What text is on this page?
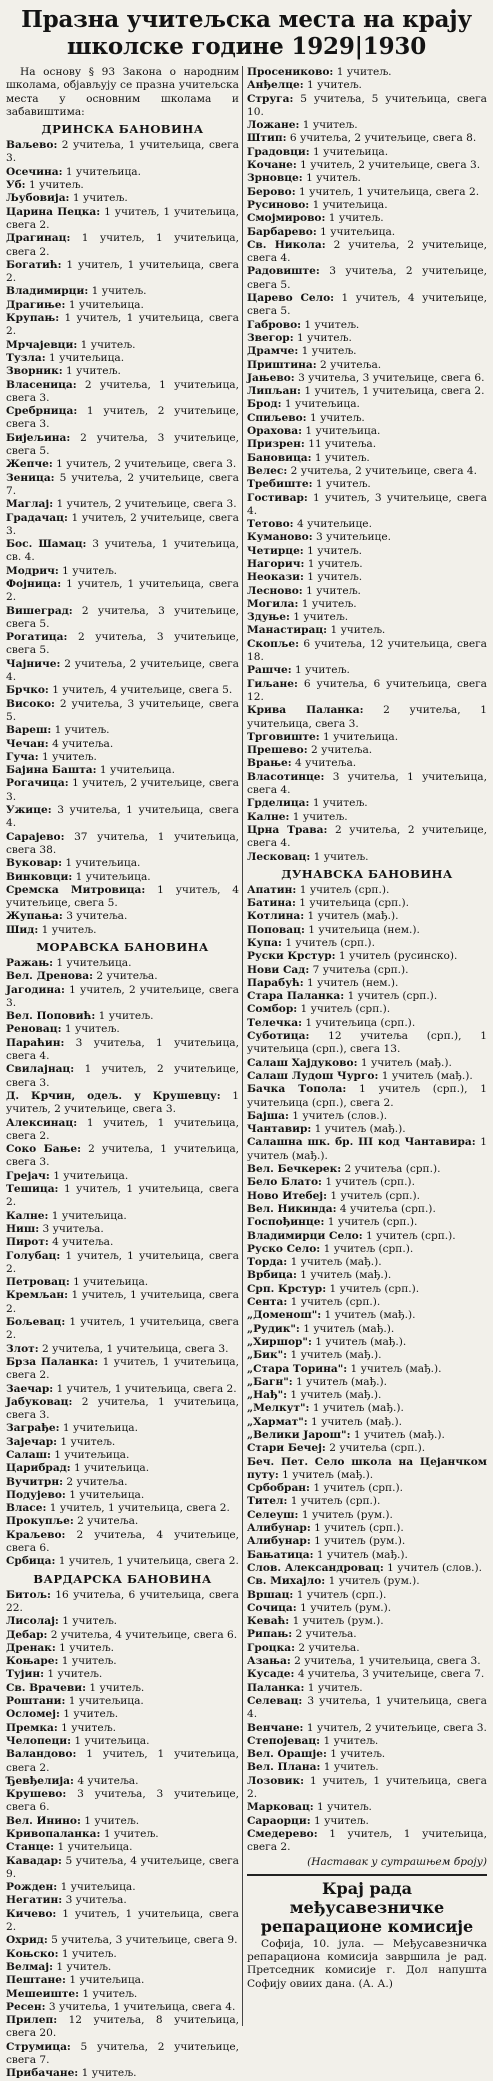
Празна учитељска места на крају школске године 1929|1930
На основу § 93 Закона о народним школама, објављују се празна учитељска места у основним школама и забавиштима:
ДРИНСКА БАНОВИНА
Ваљево: 2 учитеља, 1 учитељица, свега 3.
Осечина: 1 учитељица.
Уб: 1 учитељ.
Љубовија: 1 учитељ.
Царина Пецка: 1 учитељ, 1 учитељица, свега 2.
Драгинац: 1 учитељ, 1 учитељица, свега 2.
Богатић: 1 учитељ, 1 учитељица, свега 2.
Владимирци: 1 учитељ.
Драгиње: 1 учитељица.
Крупањ: 1 учитељ, 1 учитељица, свега 2.
Мрчајевци: 1 учитељ.
Тузла: 1 учитељица.
Зворник: 1 учитељ.
Власеница: 2 учитеља, 1 учитељица, свега 3.
Сребрница: 1 учитељ, 2 учитељице, свега 3.
Бијељина: 2 учитеља, 3 учитељице, свега 5.
Жепче: 1 учитељ, 2 учитељице, свега 3.
Зеница: 5 учитеља, 2 учитељице, свега 7.
Маглај: 1 учитељ, 2 учитељице, свега 3.
Градачац: 1 учитељ, 2 учитељице, свега 3.
Бос. Шамац: 3 учитеља, 1 учитељица, св. 4.
Модрич: 1 учитељ.
Фојница: 1 учитељ, 1 учитељица, свега 2.
Вишеград: 2 учитеља, 3 учитељице, свега 5.
Рогатица: 2 учитеља, 3 учитељице, свега 5.
Чајниче: 2 учитеља, 2 учитељице, свега 4.
Брчко: 1 учитељ, 4 учитељице, свега 5.
Високо: 2 учитеља, 3 учитељице, свега 5.
Вареш: 1 учитељ.
Чечан: 4 учитеља.
Гуча: 1 учитељ.
Бајина Башта: 1 учитељица.
Рогачица: 1 учитељ, 2 учитељице, свега 3.
Ужице: 3 учитеља, 1 учитељица, свега 4.
Сарајево: 37 учитеља, 1 учитељица, свега 38.
Вуковар: 1 учитељица.
Винковци: 1 учитељица.
Сремска Митровица: 1 учитељ, 4 учитељице, свега 5.
Жупања: 3 учитеља.
Шид: 1 учитељ.
МОРАВСКА БАНОВИНА
Ражањ: 1 учитељица.
Вел. Дренова: 2 учитеља.
Јагодина: 1 учитељ, 2 учитељице, свега 3.
Вел. Поповић: 1 учитељ.
Реновац: 1 учитељ.
Параћин: 3 учитеља, 1 учитељица, свега 4.
Свилајнац: 1 учитељ, 2 учитељице, свега 3.
Д. Крчин, одељ. у Крушевцу: 1 учитељ, 2 учитељице, свега 3.
Алексинац: 1 учитељ, 1 учитељица, свега 2.
Соко Бање: 2 учитеља, 1 учитељица, свега 3.
Грејач: 1 учитељица.
Тешица: 1 учитељ, 1 учитељица, свега 2.
Калне: 1 учитељица.
Ниш: 3 учитеља.
Пирот: 4 учитеља.
Голубац: 1 учитељ, 1 учитељица, свега 2.
Петровац: 1 учитељица.
Кремљан: 1 учитељ, 1 учитељица, свега 2.
Бољевац: 1 учитељ, 1 учитељица, свега 2.
Злот: 2 учитеља, 1 учитељица, свега 3.
Брза Паланка: 1 учитељ, 1 учитељица, свега 2.
Заечар: 1 учитељ, 1 учитељица, свега 2.
Јабуковац: 2 учитеља, 1 учитељица, свега 3.
Заграђе: 1 учитељица.
Зајечар: 1 учитељ.
Салаш: 1 учитељица.
Царибрад: 1 учитељица.
Вучитрн: 2 учитеља.
Подујево: 1 учитељица.
Власе: 1 учитељ, 1 учитељица, свега 2.
Прокупље: 2 учитеља.
Краљево: 2 учитеља, 4 учитељице, свега 6.
Србица: 1 учитељ, 1 учитељица, свега 2.
ВАРДАРСКА БАНОВИНА
Битољ: 16 учитеља, 6 учитељица, свега 22.
Лисолај: 1 учитељ.
Дебар: 2 учитеља, 4 учитељице, свега 6.
Дренак: 1 учитељ.
Коњаре: 1 учитељ.
Тујин: 1 учитељ.
Св. Врачеви: 1 учитељ.
Роштани: 1 учитељица.
Осломеј: 1 учитељ.
Премка: 1 учитељ.
Челопеци: 1 учитељица.
Валандово: 1 учитељ, 1 учитељица, свега 2.
Ђевђелија: 4 учитеља.
Крушево: 3 учитеља, 3 учитељице, свега 6.
Вел. Инино: 1 учитељ.
Кривопаланка: 1 учитељ.
Станце: 1 учитељица.
Кавадар: 5 учитеља, 4 учитељице, свега 9.
Рожден: 1 учитељица.
Негатин: 3 учитеља.
Кичево: 1 учитељ, 1 учитељица, свега 2.
Охрид: 5 учитеља, 3 учитељице, свега 9.
Коњско: 1 учитељ.
Велмај: 1 учитељ.
Пештане: 1 учитељица.
Мешеиште: 1 учитељ.
Ресен: 3 учитеља, 1 учитељица, свега 4.
Прилеп: 12 учитеља, 8 учитељица, свега 20.
Струмица: 5 учитеља, 2 учитељице, свега 7.
Прибачане: 1 учитељ.
Просениково: 1 учитељ.
Анђелце: 1 учитељ.
Струга: 5 учитеља, 5 учитељица, свега 10.
Ложане: 1 учитељ.
Штип: 6 учитеља, 2 учитељице, свега 8.
Градовци: 1 учитељица.
Кочане: 1 учитељ, 2 учитељице, свега 3.
Зрновце: 1 учитељ.
Берово: 1 учитељ, 1 учитељица, свега 2.
Русиново: 1 учитељица.
Смојмирово: 1 учитељ.
Барбарево: 1 учитељица.
Св. Никола: 2 учитеља, 2 учитељице, свега 4.
Радовиште: 3 учитеља, 2 учитељице, свега 5.
Царево Село: 1 учитељ, 4 учитељице, свега 5.
Габрово: 1 учитељ.
Звегор: 1 учитељ.
Драмче: 1 учитељ.
Приштина: 2 учитеља.
Јањево: 3 учитеља, 3 учитељице, свега 6.
Липљан: 1 учитељ, 1 учитељица, свега 2.
Брод: 1 учитељица.
Спиљево: 1 учитељ.
Орахова: 1 учитељица.
Призрен: 11 учитеља.
Бановица: 1 учитељ.
Велес: 2 учитеља, 2 учитељице, свега 4.
Требиште: 1 учитељ.
Гостивар: 1 учитељ, 3 учитељице, свега 4.
Тетово: 4 учитељице.
Куманово: 3 учитељице.
Четирце: 1 учитељ.
Нагорич: 1 учитељ.
Неокази: 1 учитељ.
Лесново: 1 учитељ.
Могила: 1 учитељ.
Здуње: 1 учитељ.
Манастирац: 1 учитељ.
Скопље: 6 учитеља, 12 учитељица, свега 18.
Рашче: 1 учитељ.
Гиљане: 6 учитеља, 6 учитељица, свега 12.
Крива Паланка: 2 учитеља, 1 учитељица, свега 3.
Трговиште: 1 учитељица.
Прешево: 2 учитеља.
Врање: 4 учитеља.
Власотинце: 3 учитеља, 1 учитељица, свега 4.
Грделица: 1 учитељ.
Калне: 1 учитељ.
Црна Трава: 2 учитеља, 2 учитељице, свега 4.
Лесковац: 1 учитељ.
ДУНАВСКА БАНОВИНА
Апатин: 1 учитељ (срп.).
Батина: 1 учитељица (срп.).
Котлина: 1 учитељ (мађ.).
Поповац: 1 учитељица (нем.).
Купа: 1 учитељ (срп.).
Руски Крстур: 1 учитељ (русинско).
Нови Сад: 7 учитеља (срп.).
Парабућ: 1 учитељ (нем.).
Стара Паланка: 1 учитељ (срп.).
Сомбор: 1 учитељ (срп.).
Телечка: 1 учитељица (срп.).
Суботица: 12 учитеља (срп.), 1 учитељица (срп.), свега 13.
Салаш Хајдуково: 1 учитељ (мађ.).
Салаш Лудош Чурго: 1 учитељ (мађ.).
Бачка Топола: 1 учитељ (срп.), 1 учитељица (срп.), свега 2.
Бајша: 1 учитељ (слов.).
Чантавир: 1 учитељ (мађ.).
Салашна шк. бр. III код Чантавира: 1 учитељ (мађ.).
Вел. Бечкерек: 2 учитеља (срп.).
Бело Блато: 1 учитељ (срп.).
Ново Итебеј: 1 учитељ (срп.).
Вел. Никинда: 4 учитеља (срп.).
Госпођинце: 1 учитељ (срп.).
Владимирци Село: 1 учитељ (срп.).
Руско Село: 1 учитељ (срп.).
Торда: 1 учитељ (мађ.).
Врбица: 1 учитељ (мађ.).
Срп. Крстур: 1 учитељ (срп.).
Сента: 1 учитељ (срп.).
„Доменош": 1 учитељ (мађ.).
„Рудик": 1 учитељ (мађ.).
„Хиршор": 1 учитељ (мађ.).
„Бик": 1 учитељ (мађ.).
„Стара Торина": 1 учитељ (мађ.).
„Багн": 1 учитељ (мађ.).
„Нађ": 1 учитељ (мађ.).
„Мелкут": 1 учитељ (мађ.).
„Хармат": 1 учитељ (мађ.).
„Велики Јарош": 1 учитељ (мађ.).
Стари Бечеј: 2 учитеља (срп.).
Беч. Пет. Село школа на Цејанчком путу: 1 учитељ (мађ.).
Србобран: 1 учитељ (срп.).
Тител: 1 учитељ (срп.).
Селеуш: 1 учитељ (рум.).
Алибунар: 1 учитељ (срп.).
Алибунар: 1 учитељ (рум.).
Бањатица: 1 учитељ (мађ.).
Слов. Александровац: 1 учитељ (слов.).
Св. Михајло: 1 учитељ (рум.).
Вршац: 1 учитељ (срп.).
Сочица: 1 учитељ (рум.).
Кеваћ: 1 учитељ (рум.).
Рипањ: 2 учитеља.
Гроцка: 2 учитеља.
Азања: 2 учитеља, 1 учитељица, свега 3.
Кусаде: 4 учитеља, 3 учитељице, свега 7.
Паланка: 1 учитељ.
Селевац: 3 учитеља, 1 учитељица, свега 4.
Венчане: 1 учитељ, 2 учитељице, свега 3.
Степојевац: 1 учитељ.
Вел. Орашје: 1 учитељ.
Вел. Плана: 1 учитељ.
Лозовик: 1 учитељ, 1 учитељица, свега 2.
Марковац: 1 учитељ.
Сараорци: 1 учитељ.
Смедерево: 1 учитељ, 1 учитељица, свега 2.
(Наставак у сутрашњем броју)
Крај рада међусавезничке репарационе комисије
Софија, 10. јула. — Међусавезничка репарациона комисија завршила је рад. Претседник комисије г. Дол напушта Софију овиих дана. (А. А.)
